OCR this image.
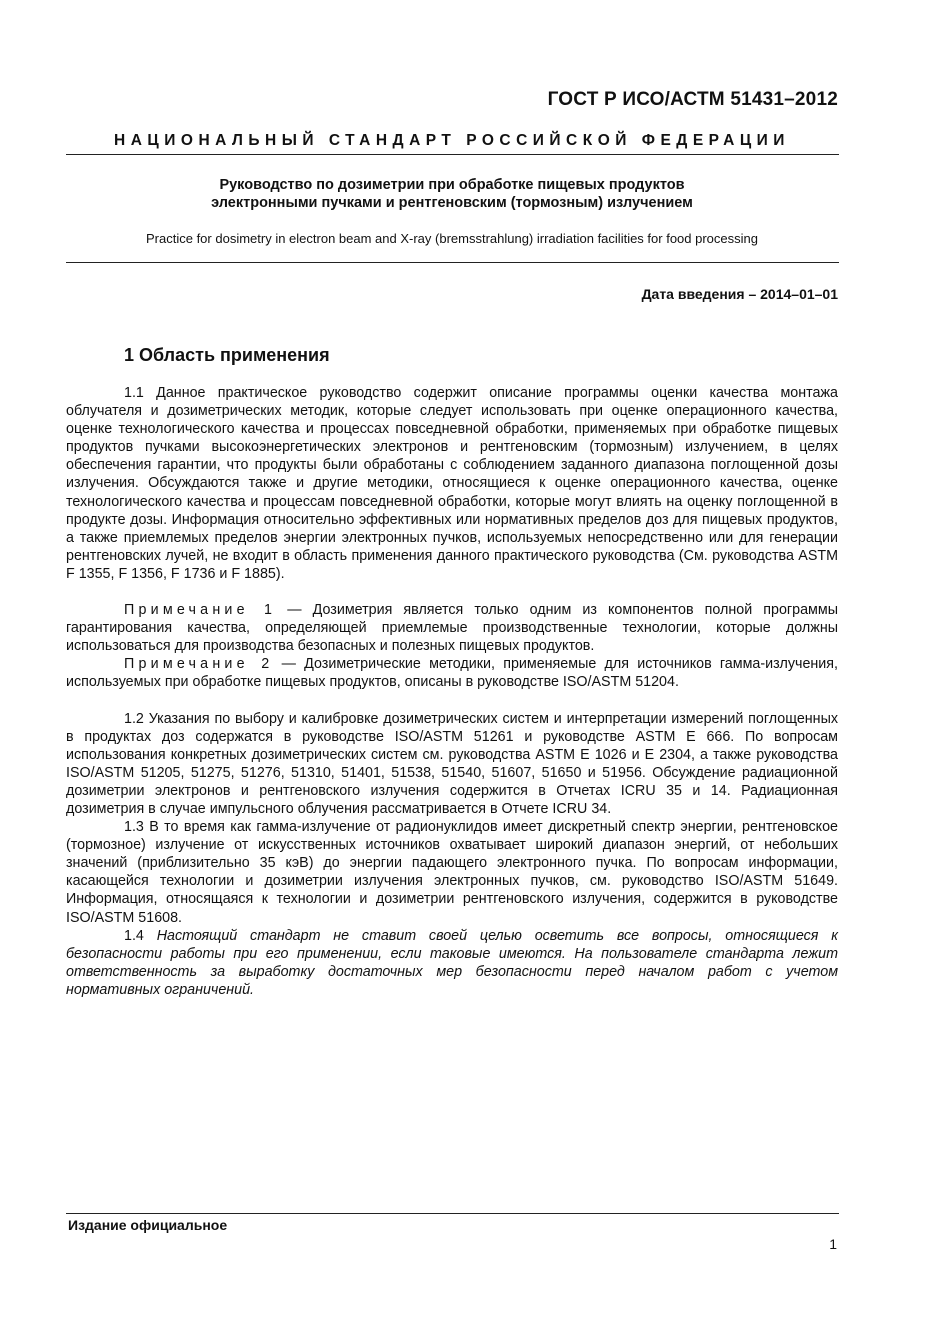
ГОСТ Р ИСО/АСТМ 51431–2012
НАЦИОНАЛЬНЫЙ СТАНДАРТ РОССИЙСКОЙ ФЕДЕРАЦИИ
Руководство по дозиметрии при обработке пищевых продуктов
электронными пучками и рентгеновским (тормозным) излучением
Practice for dosimetry in electron beam and X-ray (bremsstrahlung) irradiation facilities for food processing
Дата введения – 2014–01–01
1 Область применения

1.1 Данное практическое руководство содержит описание программы оценки качества монтажа облучателя и дозиметрических методик, которые следует использовать при оценке операционного качества, оценке технологического качества и процессах повседневной обработки, применяемых при обработке пищевых продуктов пучками высокоэнергетических электронов и рентгеновским (тормозным) излучением, в целях обеспечения гарантии, что продукты были обработаны с соблюдением заданного диапазона поглощенной дозы излучения. Обсуждаются также и другие методики, относящиеся к оценке операционного качества, оценке технологического качества и процессам повседневной обработки, которые могут влиять на оценку поглощенной в продукте дозы. Информация относительно эффективных или нормативных пределов доз для пищевых продуктов, а также приемлемых пределов энергии электронных пучков, используемых непосредственно или для генерации рентгеновских лучей, не входит в область применения данного практического руководства (См. руководства ASTM F 1355, F 1356, F 1736 и F 1885).

Примечание 1 — Дозиметрия является только одним из компонентов полной программы гарантирования качества, определяющей приемлемые производственные технологии, которые должны использоваться для производства безопасных и полезных пищевых продуктов.

Примечание 2 — Дозиметрические методики, применяемые для источников гамма-излучения, используемых при обработке пищевых продуктов, описаны в руководстве ISO/ASTM 51204.

1.2 Указания по выбору и калибровке дозиметрических систем и интерпретации измерений поглощенных в продуктах доз содержатся в руководстве ISO/ASTM 51261 и руководстве ASTM E 666. По вопросам использования конкретных дозиметрических систем см. руководства ASTM E 1026 и E 2304, а также руководства ISO/ASTM 51205, 51275, 51276, 51310, 51401, 51538, 51540, 51607, 51650 и 51956. Обсуждение радиационной дозиметрии электронов и рентгеновского излучения содержится в Отчетах ICRU 35 и 14. Радиационная дозиметрия в случае импульсного облучения рассматривается в Отчете ICRU 34.

1.3 В то время как гамма-излучение от радионуклидов имеет дискретный спектр энергии, рентгеновское (тормозное) излучение от искусственных источников охватывает широкий диапазон энергий, от небольших значений (приблизительно 35 кэВ) до энергии падающего электронного пучка. По вопросам информации, касающейся технологии и дозиметрии излучения электронных пучков, см. руководство ISO/ASTM 51649. Информация, относящаяся к технологии и дозиметрии рентгеновского излучения, содержится в руководстве ISO/ASTM 51608.

1.4 Настоящий стандарт не ставит своей целью осветить все вопросы, относящиеся к безопасности работы при его применении, если таковые имеются. На пользователе стандарта лежит ответственность за выработку достаточных мер безопасности перед началом работ с учетом нормативных ограничений.

Издание официальное
1
